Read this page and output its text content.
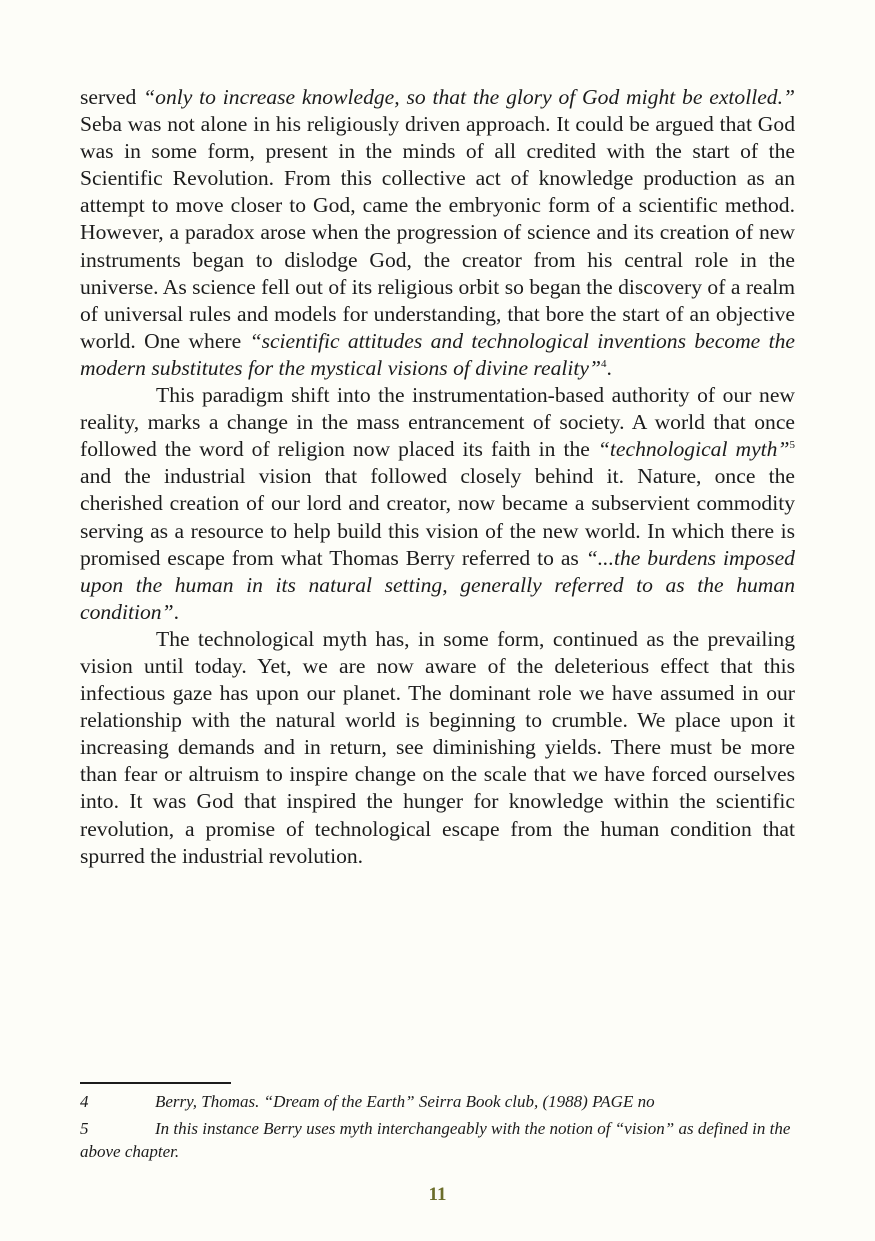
served “only to increase knowledge, so that the glory of God might be extolled.” Seba was not alone in his religiously driven approach. It could be argued that God was in some form, present in the minds of all credited with the start of the Scientific Revolution. From this collective act of knowledge production as an attempt to move closer to God, came the embryonic form of a scientific method. However, a paradox arose when the progression of science and its creation of new instruments began to dislodge God, the creator from his central role in the universe. As science fell out of its religious orbit so began the discovery of a realm of universal rules and models for understanding, that bore the start of an objective world. One where “scientific attitudes and technological inventions become the modern substitutes for the mystical visions of divine reality”$^4$.

This paradigm shift into the instrumentation-based authority of our new reality, marks a change in the mass entrancement of society. A world that once followed the word of religion now placed its faith in the “technological myth”$^5$ and the industrial vision that followed closely behind it. Nature, once the cherished creation of our lord and creator, now became a subservient commodity serving as a resource to help build this vision of the new world. In which there is promised escape from what Thomas Berry referred to as “...the burdens imposed upon the human in its natural setting, generally referred to as the human condition”.

The technological myth has, in some form, continued as the prevailing vision until today. Yet, we are now aware of the deleterious effect that this infectious gaze has upon our planet. The dominant role we have assumed in our relationship with the natural world is beginning to crumble. We place upon it increasing demands and in return, see diminishing yields. There must be more than fear or altruism to inspire change on the scale that we have forced ourselves into. It was God that inspired the hunger for knowledge within the scientific revolution, a promise of technological escape from the human condition that spurred the industrial revolution.

4	Berry, Thomas. “Dream of the Earth” Seirra Book club, (1988) PAGE no

5	In this instance Berry uses myth interchangeably with the notion of “vision” as defined in the above chapter.

11
